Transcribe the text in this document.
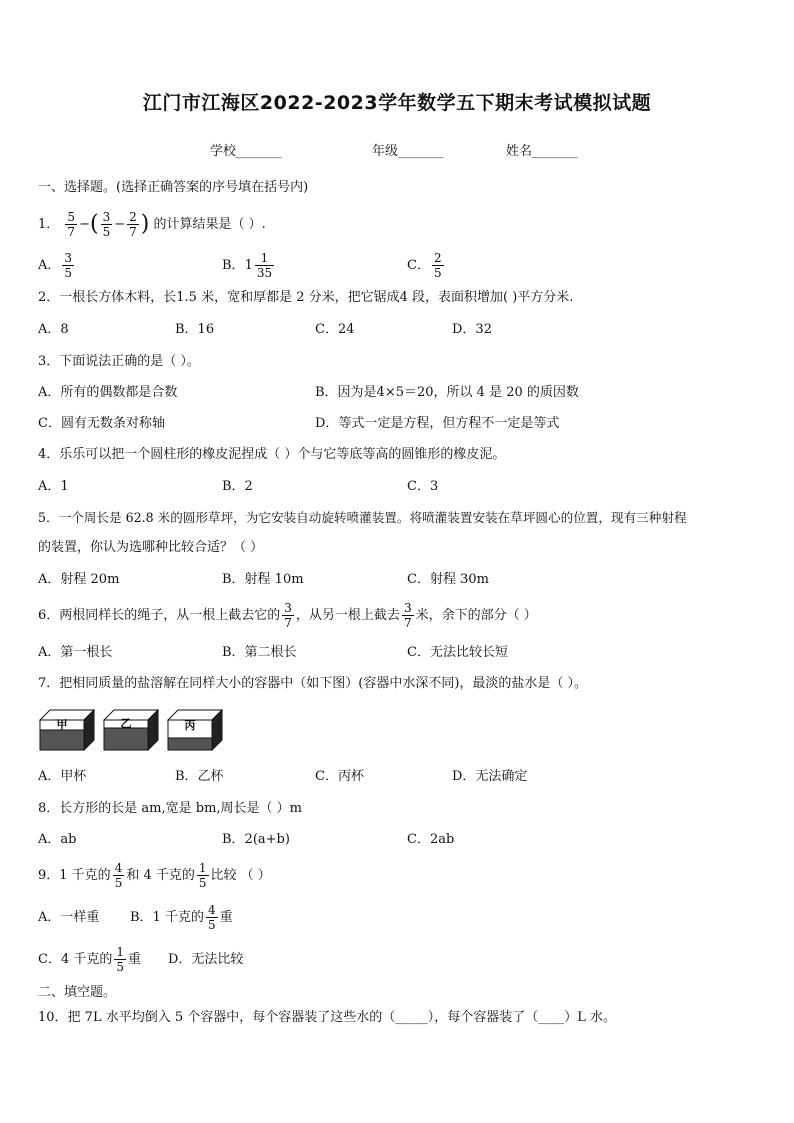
江门市江海区2022-2023学年数学五下期末考试模拟试题
学校_______	年级_______	姓名_______
一、选择题。(选择正确答案的序号填在括号内)
1． $\frac{5}{7}$ −( $\frac{3}{5} - \frac{2}{7}$ ) 的计算结果是（ ）.
A． $\frac{3}{5}$	B．$1 \frac{1}{35}$	C． $\frac{2}{5}$
2．一根长方体木料，长1.5 米，宽和厚都是 2 分米，把它锯成4 段，表面积增加( )平方分米.
A．8	B．16	C．24	D．32
3．下面说法正确的是（ ）。
A．所有的偶数都是合数	B．因为是4×5＝20，所以 4 是 20 的质因数
C．圆有无数条对称轴	D．等式一定是方程，但方程不一定是等式
4．乐乐可以把一个圆柱形的橡皮泥捏成（ ）个与它等底等高的圆锥形的橡皮泥。
A．1	B．2	C．3
5．一个周长是 62.8 米的圆形草坪，为它安装自动旋转喷灌装置。将喷灌装置安装在草坪圆心的位置，现有三种射程
的装置，你认为选哪种比较合适？（ ）
A．射程 20m	B．射程 10m	C．射程 30m
6．两根同样长的绳子，从一根上截去它的 $\frac{3}{7}$ ，从另一根上截去 $\frac{3}{7}$ 米，余下的部分（ ）
A．第一根长	B．第二根长	C．无法比较长短
7．把相同质量的盐溶解在同样大小的容器中（如下图）(容器中水深不同)，最淡的盐水是（ ）。
甲	乙	丙
A．甲杯	B．乙杯	C．丙杯	D．无法确定
8．长方形的长是 am,宽是 bm,周长是（ ）m
A．ab	B．2(a+b)	C．2ab
9．1 千克的 $\frac{4}{5}$ 和 4 千克的 $\frac{1}{5}$ 比较 （ ）
A．一样重 B．1 千克的 $\frac{4}{5}$ 重
C．4 千克的 $\frac{1}{5}$ 重 D．无法比较
二、填空题。
10．把 7L 水平均倒入 5 个容器中，每个容器装了这些水的（_____），每个容器装了（____）L 水。
